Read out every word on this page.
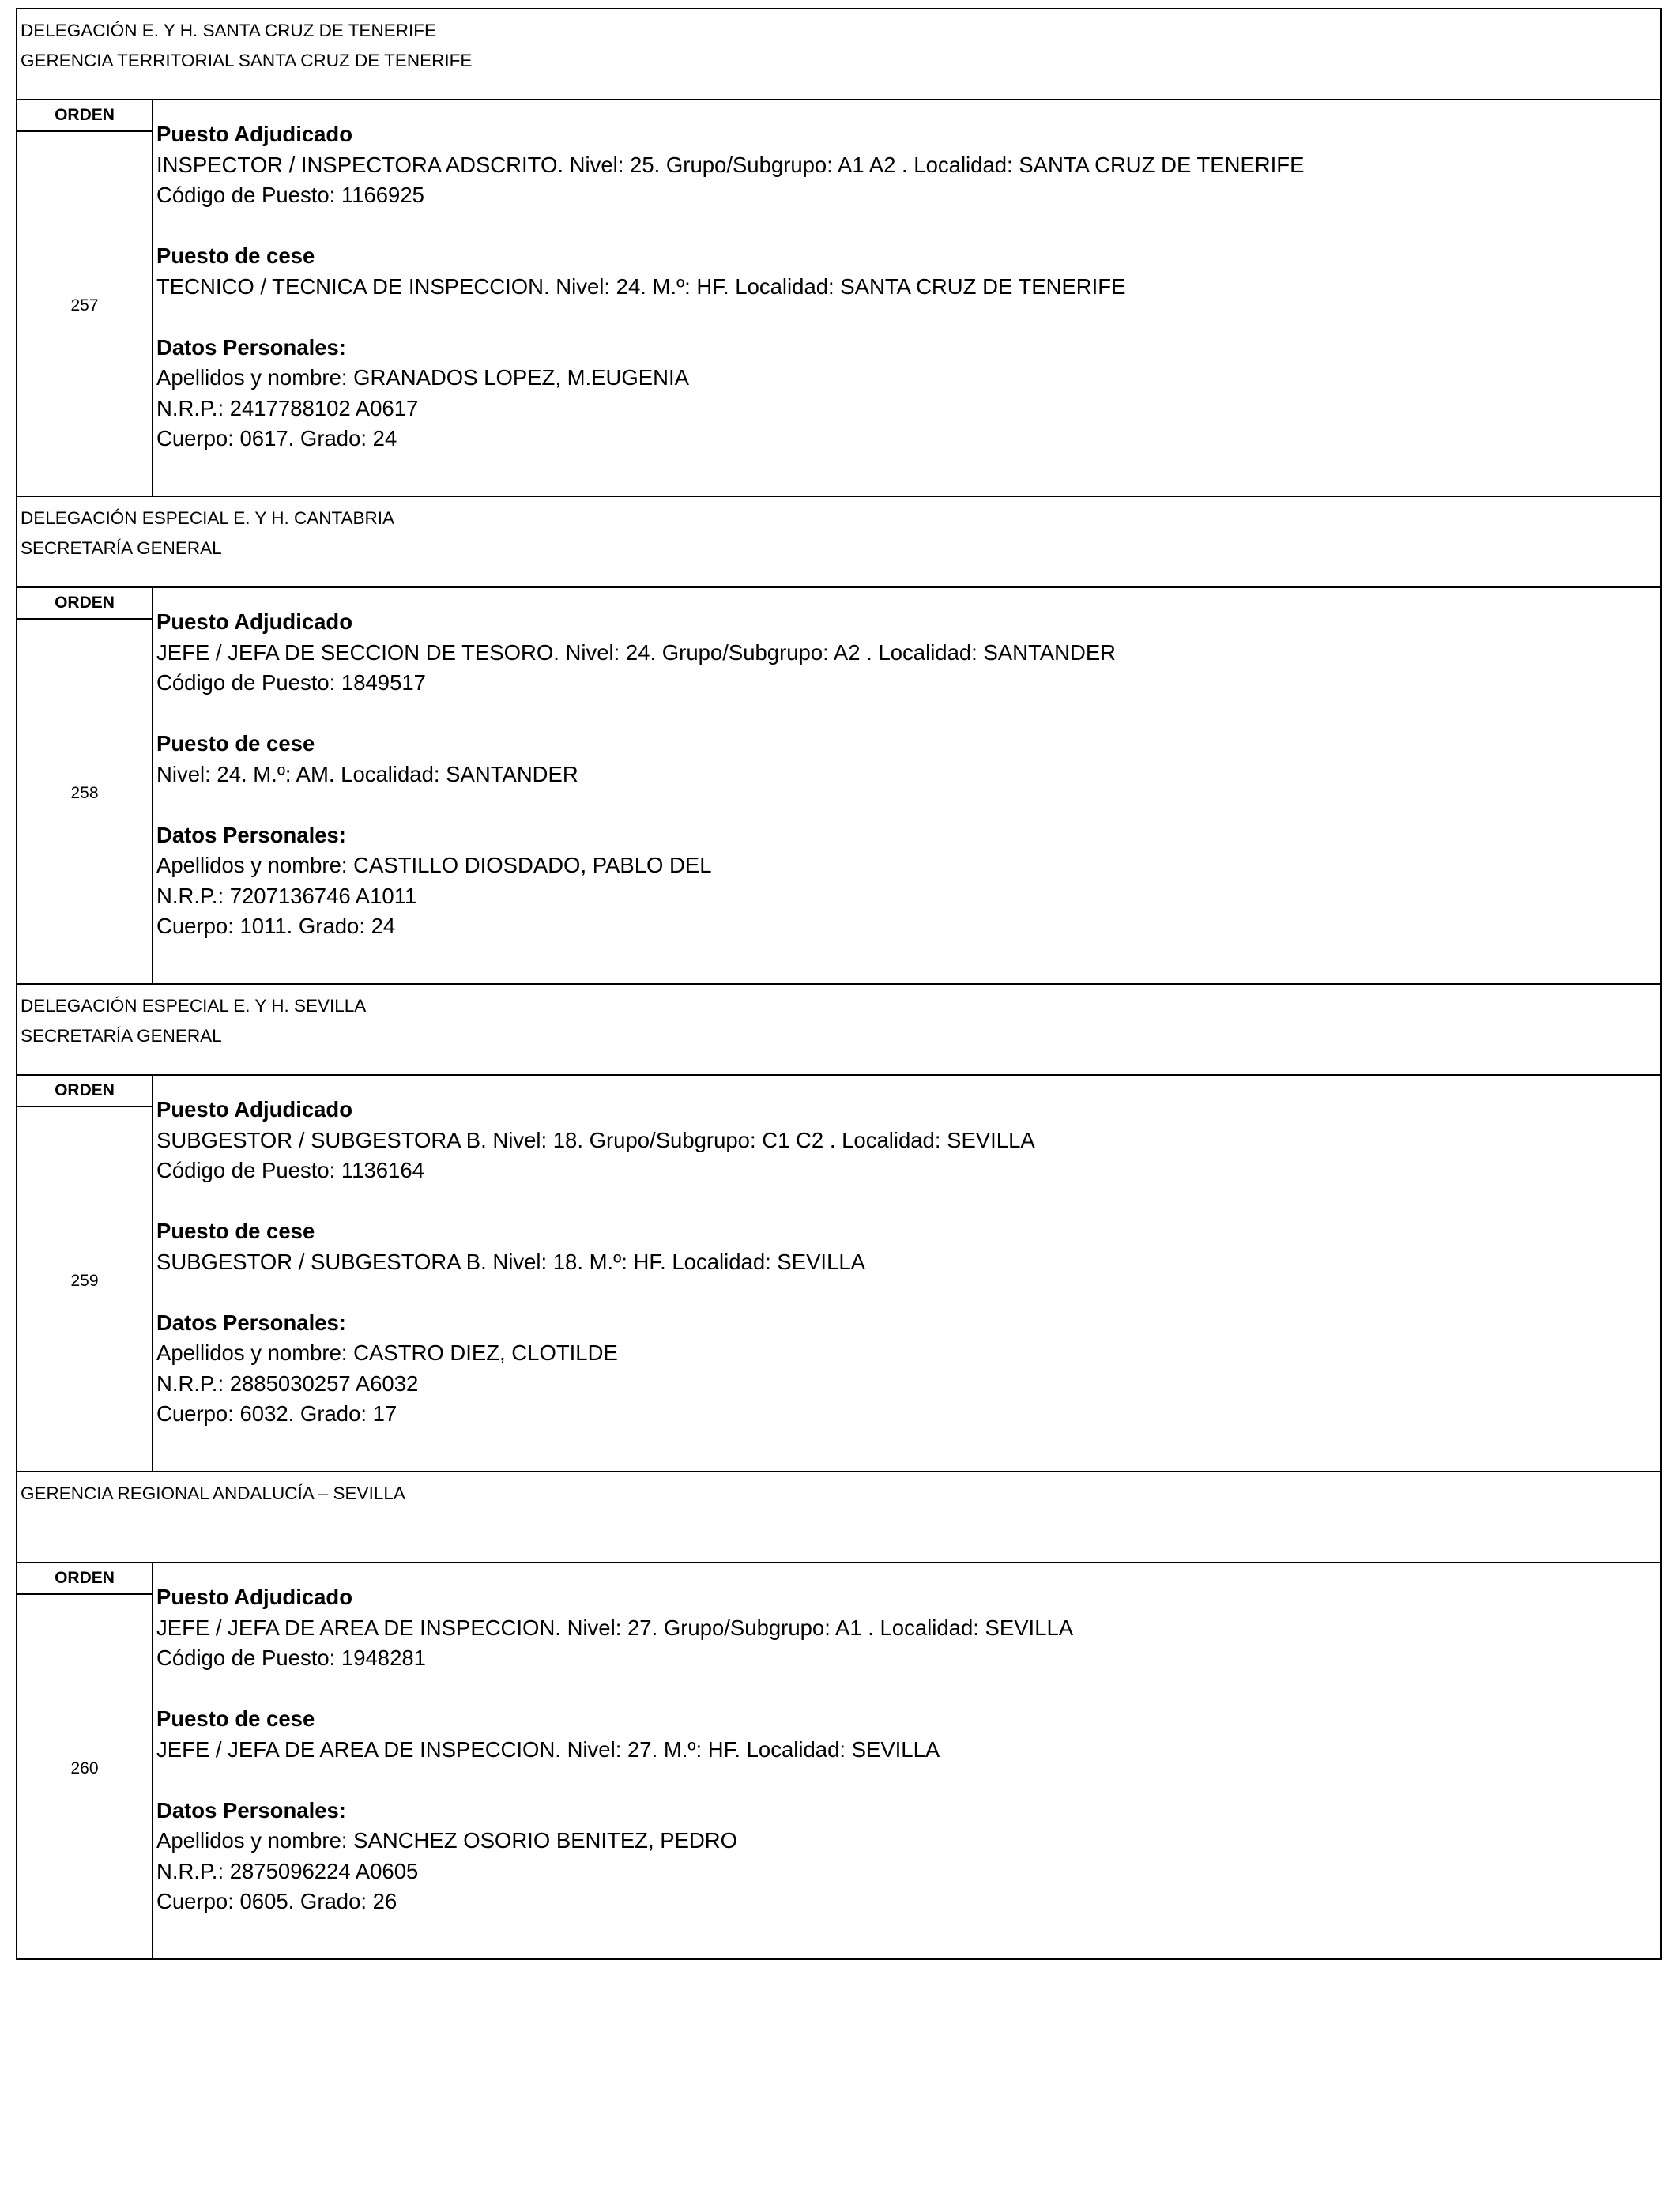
DELEGACIÓN E. Y H. SANTA CRUZ DE TENERIFE
GERENCIA TERRITORIAL SANTA CRUZ DE TENERIFE
ORDEN
257
Puesto Adjudicado
INSPECTOR / INSPECTORA ADSCRITO. Nivel: 25. Grupo/Subgrupo: A1 A2 . Localidad: SANTA CRUZ DE TENERIFE
Código de Puesto: 1166925
Puesto de cese
TECNICO / TECNICA DE INSPECCION. Nivel: 24. M.º: HF. Localidad: SANTA CRUZ DE TENERIFE
Datos Personales:
Apellidos y nombre: GRANADOS LOPEZ, M.EUGENIA
N.R.P.: 2417788102 A0617
Cuerpo: 0617. Grado: 24
DELEGACIÓN ESPECIAL E. Y H. CANTABRIA
SECRETARÍA GENERAL
ORDEN
258
Puesto Adjudicado
JEFE / JEFA DE SECCION DE TESORO. Nivel: 24. Grupo/Subgrupo: A2 . Localidad: SANTANDER
Código de Puesto: 1849517
Puesto de cese
Nivel: 24. M.º: AM. Localidad: SANTANDER
Datos Personales:
Apellidos y nombre: CASTILLO DIOSDADO, PABLO DEL
N.R.P.: 7207136746 A1011
Cuerpo: 1011. Grado: 24
DELEGACIÓN ESPECIAL E. Y H. SEVILLA
SECRETARÍA GENERAL
ORDEN
259
Puesto Adjudicado
SUBGESTOR / SUBGESTORA B. Nivel: 18. Grupo/Subgrupo: C1 C2 . Localidad: SEVILLA
Código de Puesto: 1136164
Puesto de cese
SUBGESTOR / SUBGESTORA B. Nivel: 18. M.º: HF. Localidad: SEVILLA
Datos Personales:
Apellidos y nombre: CASTRO DIEZ, CLOTILDE
N.R.P.: 2885030257 A6032
Cuerpo: 6032. Grado: 17
GERENCIA REGIONAL ANDALUCÍA – SEVILLA
ORDEN
260
Puesto Adjudicado
JEFE / JEFA DE AREA DE INSPECCION. Nivel: 27. Grupo/Subgrupo: A1 . Localidad: SEVILLA
Código de Puesto: 1948281
Puesto de cese
JEFE / JEFA DE AREA DE INSPECCION. Nivel: 27. M.º: HF. Localidad: SEVILLA
Datos Personales:
Apellidos y nombre: SANCHEZ OSORIO BENITEZ, PEDRO
N.R.P.: 2875096224 A0605
Cuerpo: 0605. Grado: 26
